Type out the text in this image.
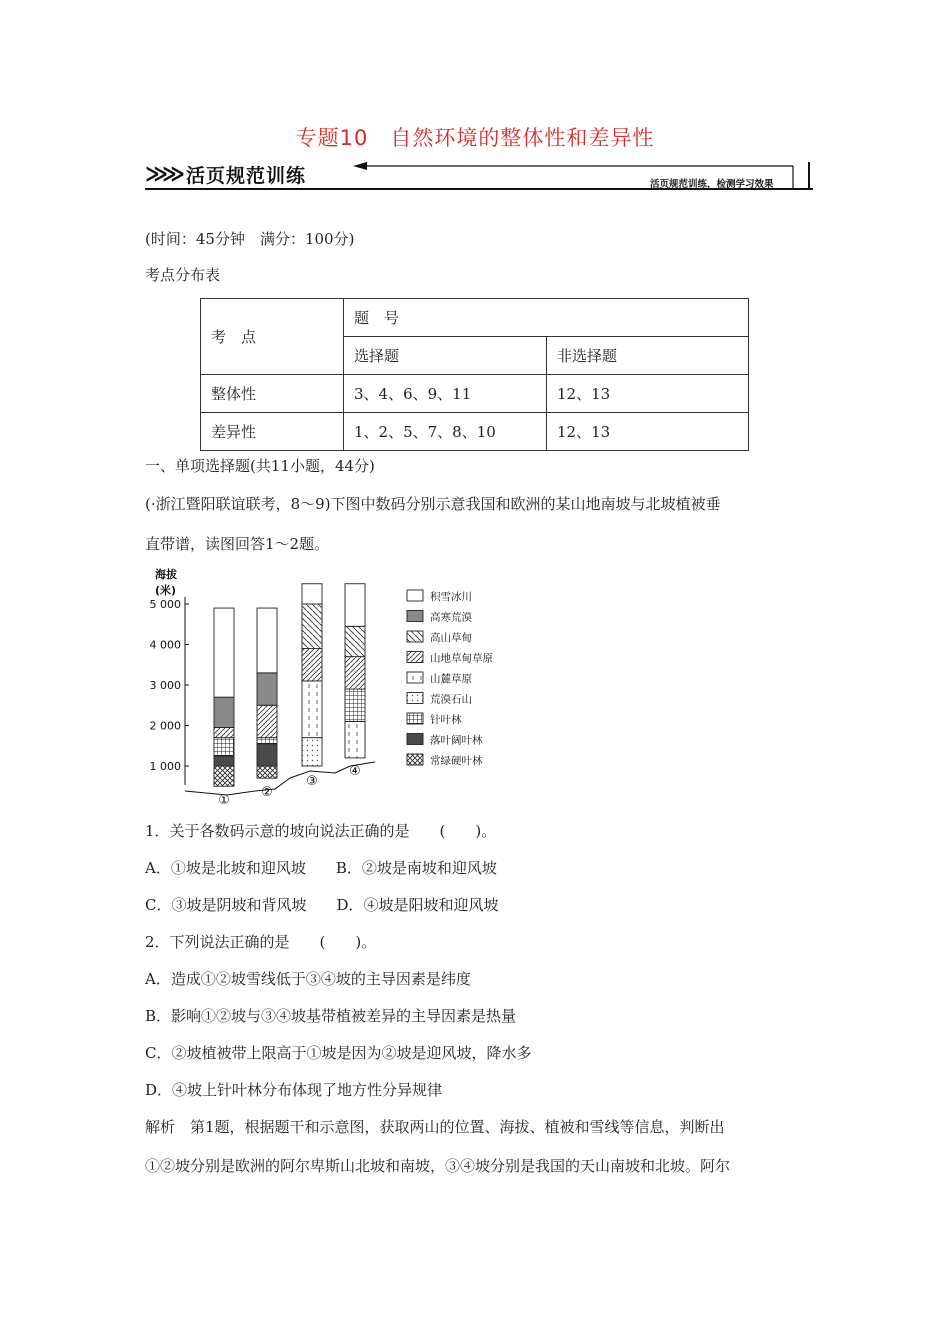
专题10　自然环境的整体性和差异性
≫≫ 活页规范训练	活页规范训练，检测学习效果
(时间：45分钟　满分：100分)
考点分布表
考　点	题　号	
	选择题	非选择题
整体性	3、4、6、9、11	12、13
差异性	1、2、5、7、8、10	12、13
一、单项选择题(共11小题，44分)
(·浙江暨阳联谊联考，8～9)下图中数码分别示意我国和欧洲的某山地南坡与北坡植被垂
直带谱，读图回答1～2题。
海拔
(米)
1 000
2 000
3 000
4 000
5 000
①
②
③
④
积雪冰川
高寒荒漠
高山草甸
山地草甸草原
山麓草原
荒漠石山
针叶林
落叶阔叶林
常绿硬叶林
1．关于各数码示意的坡向说法正确的是　　(　　)。
A．①坡是北坡和迎风坡　　B．②坡是南坡和迎风坡
C．③坡是阴坡和背风坡　　D．④坡是阳坡和迎风坡
2．下列说法正确的是　　(　　)。
A．造成①②坡雪线低于③④坡的主导因素是纬度
B．影响①②坡与③④坡基带植被差异的主导因素是热量
C．②坡植被带上限高于①坡是因为②坡是迎风坡，降水多
D．④坡上针叶林分布体现了地方性分异规律
解析　第1题，根据题干和示意图，获取两山的位置、海拔、植被和雪线等信息，判断出
①②坡分别是欧洲的阿尔卑斯山北坡和南坡，③④坡分别是我国的天山南坡和北坡。阿尔
